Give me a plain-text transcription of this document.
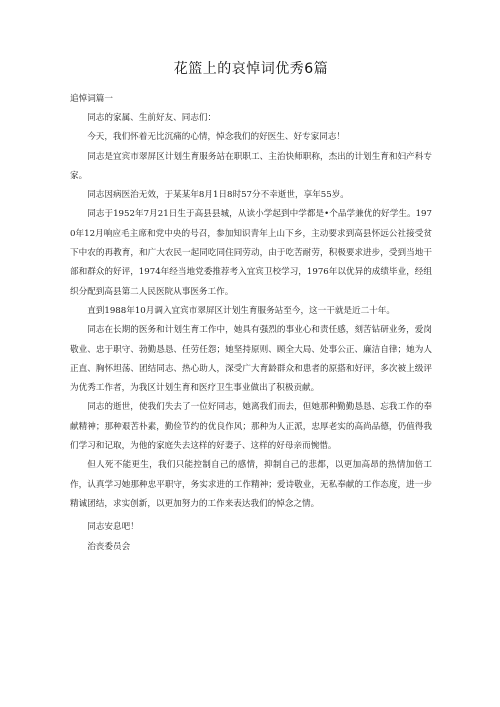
花篮上的哀悼词优秀6篇

追悼词篇一

同志的家属、生前好友、同志们：

今天，我们怀着无比沉痛的心情，悼念我们的好医生、好专家同志！

同志是宜宾市翠屏区计划生育服务站在职职工、主治快师职称，杰出的计划生育和妇产科专家。

同志因病医治无效，于某某年8月1日8时57分不幸逝世，享年55岁。

同志于1952年7月21日生于高县县城，从读小学起到中学都是•个品学兼优的好学生。1970年12月响应毛主席和党中央的号召，参加知识青年上山下乡，主动要求到高县怀远公社接受贫下中农的再教育，和广大农民一起同吃同住同劳动，由于吃苦耐劳，积极要求进步，受到当地干部和群众的好评，1974年经当地党委推荐考入宜宾卫校学习，1976年以优异的成绩毕业，经组织分配到高县第二人民医院从事医务工作。

直到1988年10月调入宜宾市翠屏区计划生育服务站至今，这一干就是近二十年。

同志在长期的医务和计划生育工作中，她具有强烈的事业心和责任感，刻苦钻研业务，爱岗敬业、忠于职守、勃勤恳恳、任劳任怨；她坚持原则、顾全大局、处事公正、廉洁自律；她为人正直、胸怀坦荡、团结同志、热心助人，深受广大育龄群众和患者的原搭和好评，多次被上级评为优秀工作者，为我区计划生育和医疗卫生事业做出了积极贡献。

同志的逝世，使我们失去了一位好同志，她离我们而去，但她那种勤勤恳恳、忘我工作的奉献精神；那种艰苦朴素，勤俭节约的优良作风；那种为人正派，忠厚老实的高尚品德，仍值得我们学习和记取，为他的家庭失去这样的好妻子、这样的好母亲而惋惜。

但人死不能更生，我们只能控制自己的感情，抑制自己的悲都，以更加高昂的热情加倍工作，认真学习她那种忠平职守，务实求进的工作精神；爱诗敬业，无私奉献的工作态度，进一步精诚团结，求实创新，以更加努力的工作来表达我们的悼念之情。

同志安息吧！

治丧委员会
